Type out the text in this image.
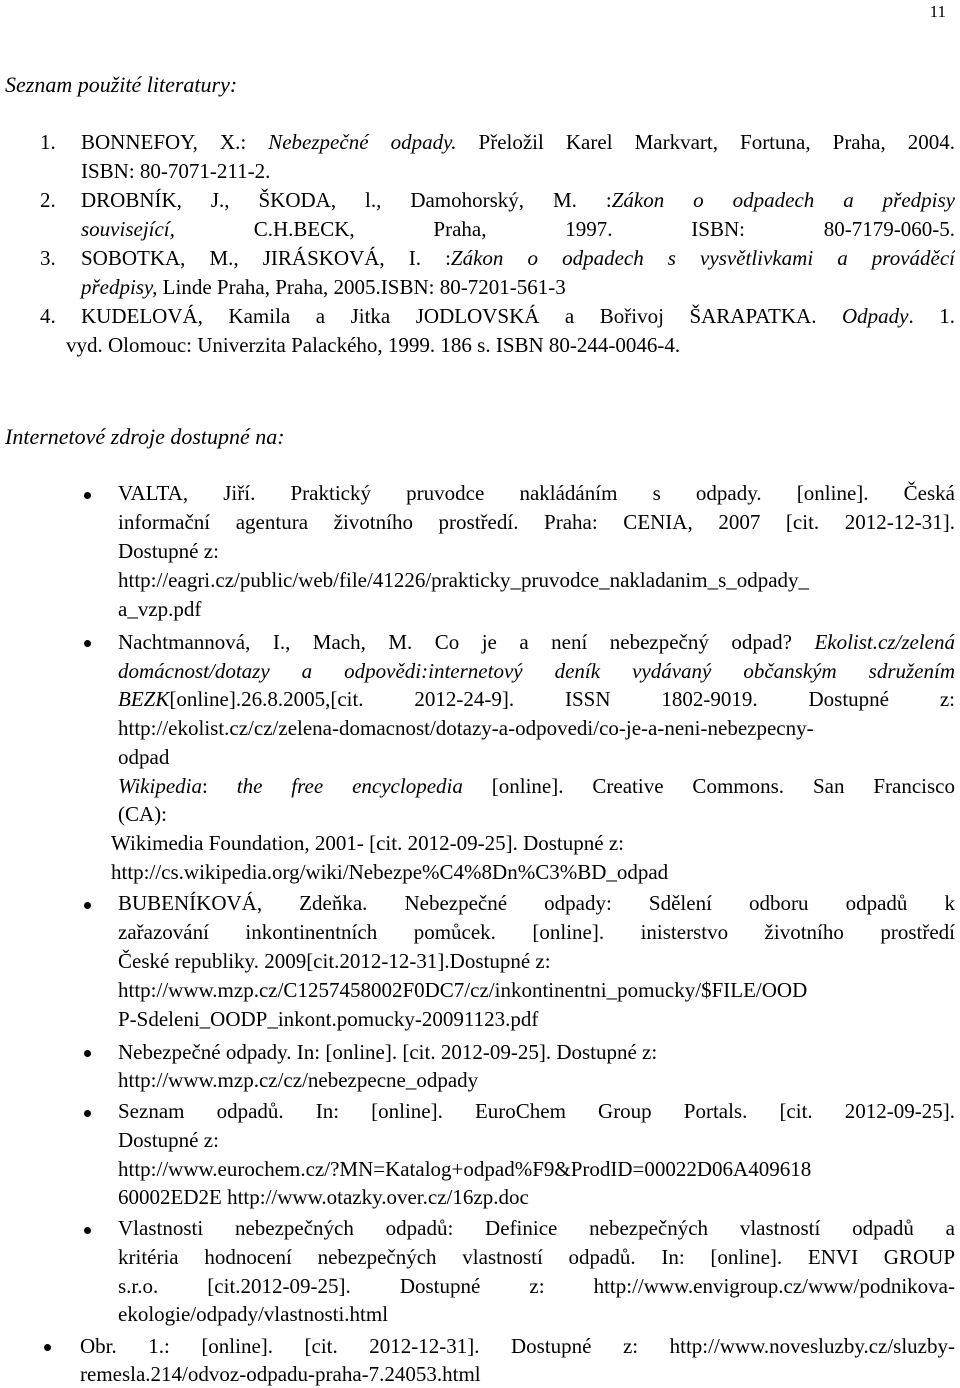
11
Seznam použité literatury:
Internetové zdroje dostupné na:
1. BONNEFOY, X.: Nebezpečné odpady. Přeložil Karel Markvart, Fortuna, Praha, 2004.
ISBN: 80-7071-211-2.
2. DROBNÍK, J., ŠKODA, l., Damohorský, M. :Zákon o odpadech a předpisy
související, C.H.BECK, Praha, 1997. ISBN: 80-7179-060-5.
3. SOBOTKA, M., JIRÁSKOVÁ, I. :Zákon o odpadech s vysvětlivkami a prováděcí
předpisy, Linde Praha, Praha, 2005.ISBN: 80-7201-561-3
4. KUDELOVÁ, Kamila a Jitka JODLOVSKÁ a Bořivoj ŠARAPATKA. Odpady. 1.
vyd. Olomouc: Univerzita Palackého, 1999. 186 s. ISBN 80-244-0046-4.
VALTA, Jiří. Praktický pruvodce nakládáním s odpady. [online]. Česká
informační agentura životního prostředí. Praha: CENIA, 2007 [cit. 2012-12-31].
Dostupné z:
http://eagri.cz/public/web/file/41226/prakticky_pruvodce_nakladanim_s_odpady_
a_vzp.pdf
Nachtmannová, I., Mach, M. Co je a není nebezpečný odpad? Ekolist.cz/zelená
domácnost/dotazy a odpovědi:internetový deník vydávaný občanským sdružením
BEZK[online].26.8.2005,[cit. 2012-24-9]. ISSN 1802-9019. Dostupné z:
http://ekolist.cz/cz/zelena-domacnost/dotazy-a-odpovedi/co-je-a-neni-nebezpecny-
odpad
Wikipedia: the free encyclopedia [online]. Creative Commons. San Francisco
(CA):
Wikimedia Foundation, 2001- [cit. 2012-09-25]. Dostupné z:
http://cs.wikipedia.org/wiki/Nebezpe%C4%8Dn%C3%BD_odpad
BUBENÍKOVÁ, Zdeňka. Nebezpečné odpady: Sdělení odboru odpadů k
zařazování inkontinentních pomůcek. [online]. inisterstvo životního prostředí
České republiky. 2009[cit.2012-12-31].Dostupné z:
http://www.mzp.cz/C1257458002F0DC7/cz/inkontinentni_pomucky/$FILE/OOD
P-Sdeleni_OODP_inkont.pomucky-20091123.pdf
Nebezpečné odpady. In: [online]. [cit. 2012-09-25]. Dostupné z:
http://www.mzp.cz/cz/nebezpecne_odpady
Seznam odpadů. In: [online]. EuroChem Group Portals. [cit. 2012-09-25].
Dostupné z:
http://www.eurochem.cz/?MN=Katalog+odpad%F9&ProdID=00022D06A409618
60002ED2E http://www.otazky.over.cz/16zp.doc
Vlastnosti nebezpečných odpadů: Definice nebezpečných vlastností odpadů a
kritéria hodnocení nebezpečných vlastností odpadů. In: [online]. ENVI GROUP
s.r.o. [cit.2012-09-25]. Dostupné z: http://www.envigroup.cz/www/podnikova-
ekologie/odpady/vlastnosti.html
Obr. 1.: [online]. [cit. 2012-12-31]. Dostupné z: http://www.novesluzby.cz/sluzby-
remesla.214/odvoz-odpadu-praha-7.24053.html
